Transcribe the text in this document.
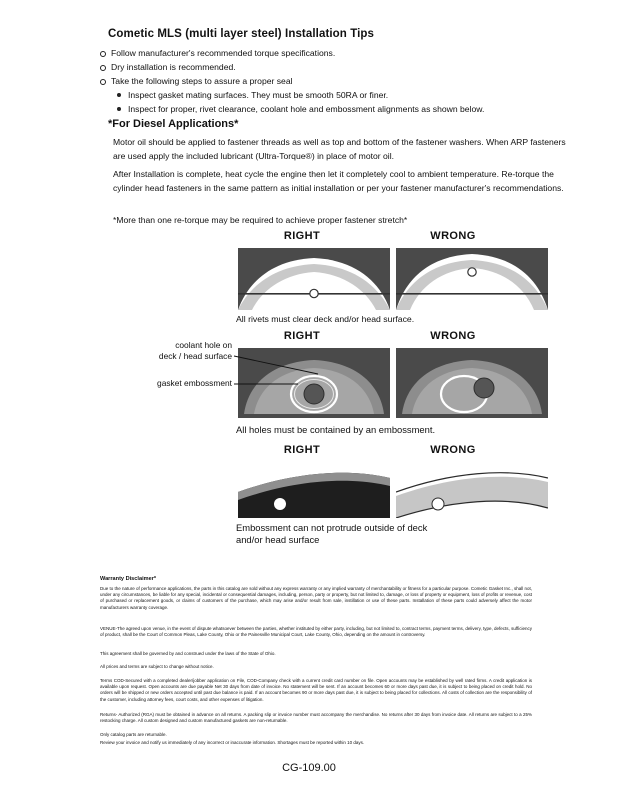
Cometic MLS (multi layer steel) Installation Tips
Follow manufacturer's recommended torque specifications.
Dry installation is recommended.
Take the following steps to assure a proper seal
Inspect gasket mating surfaces. They must be smooth 50RA or finer.
Inspect for proper, rivet clearance, coolant hole and embossment alignments as shown below.
*For Diesel Applications*
Motor oil should be applied to fastener threads as well as top and bottom of the fastener washers. When ARP fasteners are used apply the included lubricant (Ultra-Torque®) in place of motor oil.
After Installation is complete, heat cycle the engine then let it completely cool to ambient temperature. Re-torque the cylinder head fasteners in the same pattern as initial installation or per your fastener manufacturer's recommendations.
*More than one re-torque may be required to achieve proper fastener stretch*
RIGHT	WRONG
All rivets must clear deck and/or head surface.
RIGHT	WRONG
coolant hole on
deck / head surface
gasket embossment
All holes must be contained by an embossment.
RIGHT	WRONG
Embossment can not protrude outside of deck
and/or head surface
Warranty Disclaimer*
Due to the nature of performance applications, the parts in this catalog are sold without any express warranty or any implied warranty of merchantability or fitness for a particular purpose. Cometic Gasket Inc., shall not, under any circumstances, be liable for any special, incidental or consequential damages, including, person, party or property, but not limited to, damage, or loss of property or equipment, loss of profits or revenue, cost of purchased or replacement goods, or claims of customers of the purchase, which may arise and/or result from sale, instillation or use of these parts. Installation of these parts could adversely affect the motor manufacturers warranty coverage.
VENUE-The agreed upon venue, in the event of dispute whatsoever between the parties, whether instituted by either party, including, but not limited to, contract terms, payment terms, delivery, type, defects, sufficiency of product, shall be the Court of Common Pleas, Lake County, Ohio or the Painesville Municipal Court, Lake County, Ohio, depending on the amount in controversy.
This agreement shall be governed by and construed under the laws of the State of Ohio.
All prices and terms are subject to change without notice.
Terms COD-Secured with a completed dealer/jobber application on File, COD-Company check with a current credit card number on file. Open accounts may be established by well rated firms. A credit application is available upon request. Open accounts are due payable Net 30 days from date of invoice. No statement will be sent. If an account becomes 60 or more days past due, it is subject to being placed on credit hold. No orders will be shipped or new orders accepted until past due balance is paid. If an account becomes 90 or more days past due, it is subject to being placed for collections. All costs of collection are the responsibility of the customer, including attorney fees, court costs, and other expenses of litigation.
Returns- Authorized (RGA) must be obtained in advance on all returns. A packing slip or invoice number must accompany the merchandise. No returns after 30 days from invoice date. All returns are subject to a 25% restocking charge. All custom designed and custom manufactured gaskets are non-returnable.
Only catalog parts are returnable.
Review your invoice and notify us immediately of any incorrect or inaccurate information. Shortages must be reported within 10 days.
CG-109.00
